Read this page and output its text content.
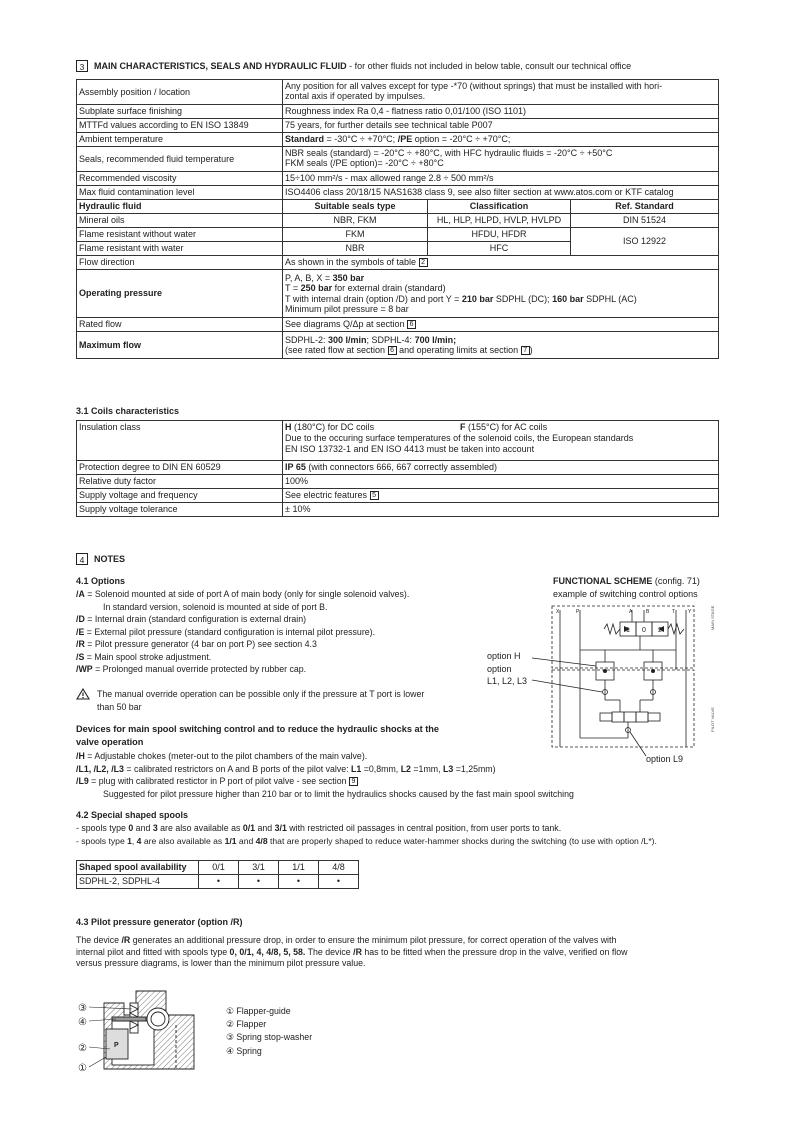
3	MAIN CHARACTERISTICS, SEALS AND HYDRAULIC FLUID - for other fluids not included in below table, consult our technical office
Assembly position / location	Any position for all valves except for type -*70 (without springs) that must be installed with hori-
zontal axis if operated by impulses.		

Subplate surface finishing	Roughness index Ra 0,4 - flatness ratio 0,01/100 (ISO 1101)		
MTTFd values according to EN ISO 13849	75 years, for further details see technical table P007		
Ambient temperature	Standard = -30°C ÷ +70°C; /PE option = -20°C ÷ +70°C;		
Seals, recommended fluid temperature	NBR seals (standard) = -20°C ÷ +80°C, with HFC hydraulic fluids = -20°C ÷ +50°C
FKM seals (/PE option)= -20°C ÷ +80°C		

Recommended viscosity	15÷100 mm²/s - max allowed range 2.8 ÷ 500 mm²/s		
Max fluid contamination level	ISO4406 class 20/18/15 NAS1638 class 9, see also filter section at www.atos.com or KTF catalog		
Hydraulic fluid	Suitable seals type	Classification	Ref. Standard
Mineral oils	NBR, FKM	HL, HLP, HLPD, HVLP, HVLPD	DIN 51524
Flame resistant without water	FKM	HFDU, HFDR	ISO 12922
Flame resistant with water	NBR	HFC	
Flow direction	As shown in the symbols of table 2		
Operating pressure	P, A, B, X = 350 bar
T = 250 bar for external drain (standard)
T with internal drain (option /D) and port Y = 210 bar SDPHL (DC); 160 bar SDPHL (AC)
Minimum pilot pressure = 8 bar		

Rated flow	See diagrams Q/Δp at section 6		
Maximum flow	SDPHL-2: 300 l/min; SDPHL-4: 700 l/min;
(see rated flow at section 6 and operating limits at section 7 )		
3.1 Coils characteristics
Insulation class	H (180°C) for DC coils F (155°C) for AC coils
Due to the occuring surface temperatures of the solenoid coils, the European standards
EN ISO 13732-1 and EN ISO 4413 must be taken into account

Protection degree to DIN EN 60529	IP 65 (with connectors 666, 667 correctly assembled)
Relative duty factor	100%
Supply voltage and frequency	See electric features 5
Supply voltage tolerance	± 10%
4	NOTES
4.1 Options
/A = Solenoid mounted at side of port A of main body (only for single solenoid valves).
In standard version, solenoid is mounted at side of port B.
/D = Internal drain (standard configuration is external drain)
/E = External pilot pressure (standard configuration is internal pilot pressure).
/R = Pilot pressure generator (4 bar on port P) see section 4.3
/S = Main spool stroke adjustment.
/WP = Prolonged manual override protected by rubber cap.
The manual override operation can be possible only if the pressure at T port is lower
than 50 bar
Devices for main spool switching control and to reduce the hydraulic shocks at the
valve operation
/H = Adjustable chokes (meter-out to the pilot chambers of the main valve).
/L1, /L2, /L3 = calibrated restrictors on A and B ports of the pilot valve: L1 =0,8mm, L2 =1mm, L3 =1,25mm)
/L9 = plug with calibrated restictor in P port of pilot valve - see section 9
Suggested for pilot pressure higher than 210 bar or to limit the hydraulics shocks caused by the fast main spool switching
4.2 Special shaped spools
- spools type 0 and 3 are also available as 0/1 and 3/1 with restricted oil passages in central position, from user ports to tank.
- spools type 1, 4 are also available as 1/1 and 4/8 that are properly shaped to reduce water-hammer shocks during the switching (to use with option /L*).
Shaped spool availability	0/1	3/1	1/1	4/8
SDPHL-2, SDPHL-4	•	•	•	•
FUNCTIONAL SCHEME (config. 71)
example of switching control options
option H
option
L1, L2, L3
option L9
X	P	A	B	T	Y
1 0 2
MAIN STAGE
PILOT VALVE
4.3 Pilot pressure generator (option /R)
The device /R generates an additional pressure drop, in order to ensure the minimum pilot pressure, for correct operation of the valves with
internal pilot and fitted with spools type 0, 0/1, 4, 4/8, 5, 58. The device /R has to be fitted when the pressure drop in the valve, verified on flow
versus pressure diagrams, is lower than the minimum pilot pressure value.
P
③
④
②
①
① Flapper-guide
② Flapper
③ Spring stop-washer
④ Spring
